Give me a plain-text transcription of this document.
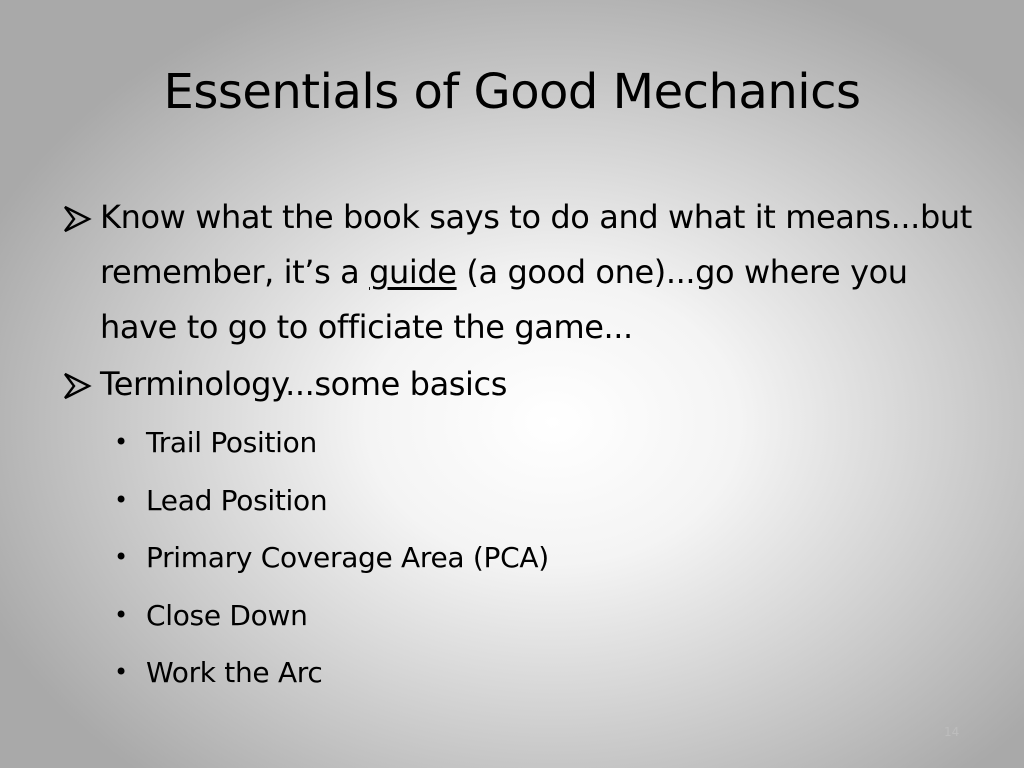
Essentials of Good Mechanics
Know what the book says to do and what it means...but remember, it’s a guide (a good one)...go where you have to go to officiate the game...
Terminology...some basics
• Trail Position
• Lead Position
• Primary Coverage Area (PCA)
• Close Down
• Work the Arc
14
